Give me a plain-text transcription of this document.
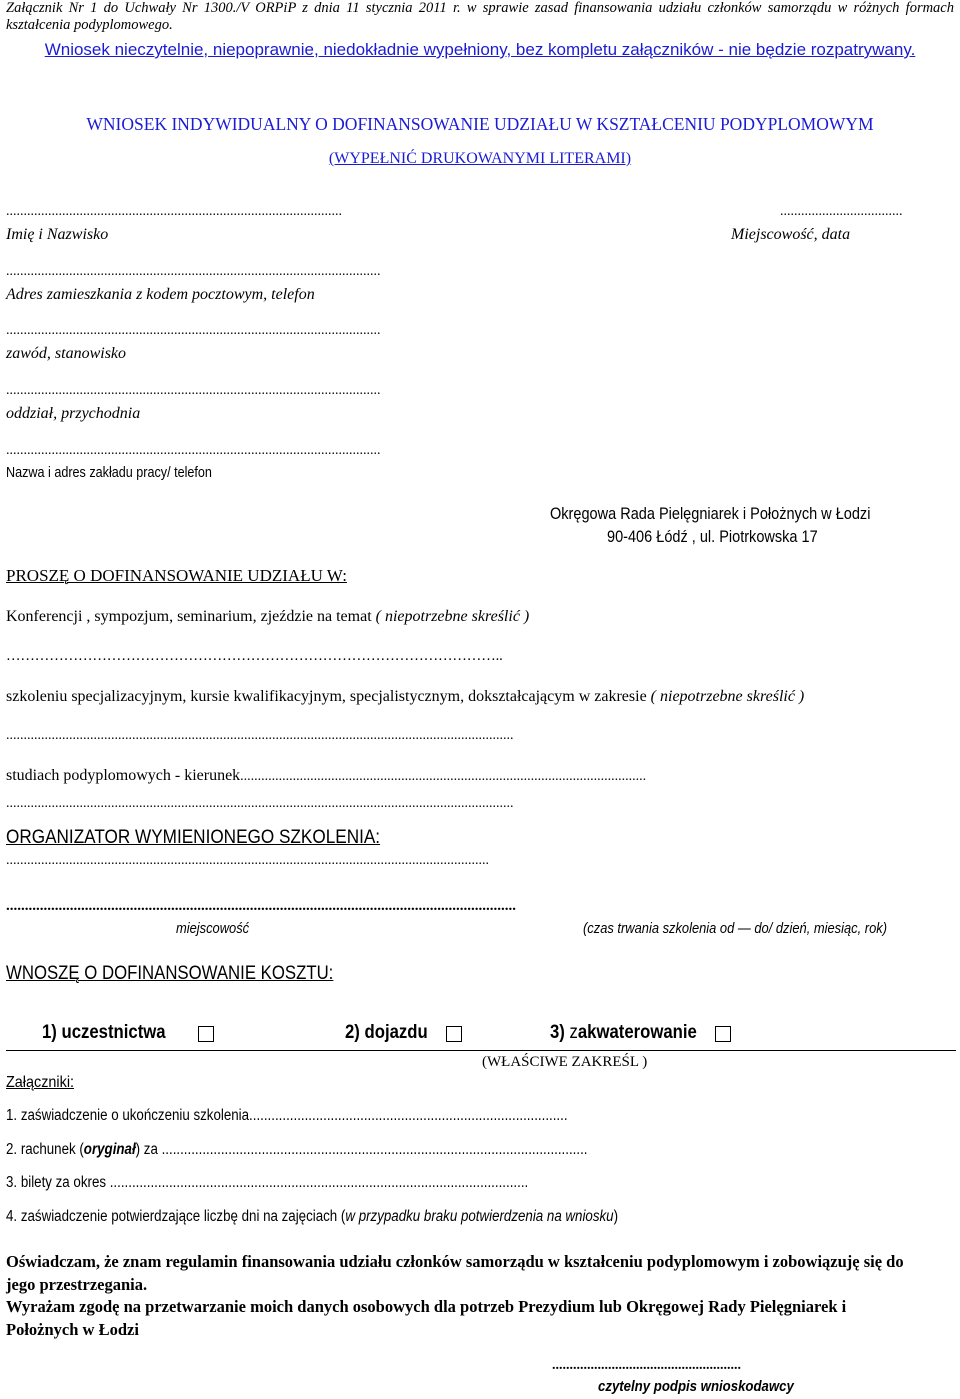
Załącznik Nr 1 do Uchwały Nr 1300./V ORPiP z dnia 11 stycznia 2011 r. w sprawie zasad finansowania udziału członków samorządu w różnych formach kształcenia podyplomowego.
Wniosek nieczytelnie, niepoprawnie, niedokładnie wypełniony, bez kompletu załączników - nie będzie rozpatrywany.
WNIOSEK INDYWIDUALNY O DOFINANSOWANIE UDZIAŁU W KSZTAŁCENIU PODYPLOMOWYM
(WYPEŁNIĆ DRUKOWANYMI LITERAMI)
................................................................................................	...................................
Imię i Nazwisko	Miejscowość, data
...........................................................................................................
Adres zamieszkania z kodem pocztowym, telefon
...........................................................................................................
zawód, stanowisko
...........................................................................................................
oddział, przychodnia
...........................................................................................................
Nazwa i adres zakładu pracy/ telefon
Okręgowa Rada Pielęgniarek i Położnych w Łodzi
90-406 Łódź , ul. Piotrkowska 17
PROSZĘ O DOFINANSOWANIE UDZIAŁU W:
Konferencji , sympozjum, seminarium, zjeździe na temat ( niepotrzebne skreślić )
…………………………………………………………………………………………..
szkoleniu specjalizacyjnym, kursie kwalifikacyjnym, specjalistycznym, dokształcającym w zakresie ( niepotrzebne skreślić )
.................................................................................................................................................
studiach podyplomowych - kierunek....................................................................................................................
.................................................................................................................................................
ORGANIZATOR WYMIENIONEGO SZKOLENIA:
..........................................................................................................................................
........................................................................................................................................
miejscowość	(czas trwania szkolenia od — do/ dzień, miesiąc, rok)
WNOSZĘ O DOFINANSOWANIE KOSZTU:
1) uczestnictwa	2) dojazdu	3) zakwaterowanie
(WŁAŚCIWE ZAKREŚL )
Załączniki:
1. zaświadczenie o ukończeniu szkolenia......................................................................................
2. rachunek (oryginał) za ...................................................................................................................
3. bilety za okres .................................................................................................................
4. zaświadczenie potwierdzające liczbę dni na zajęciach (w przypadku braku potwierdzenia na wniosku)
Oświadczam, że znam regulamin finansowania udziału członków samorządu w kształceniu podyplomowym i zobowiązuję się do jego przestrzegania.
Wyrażam zgodę na przetwarzanie moich danych osobowych dla potrzeb Prezydium lub Okręgowej Rady Pielęgniarek i Położnych w Łodzi
......................................................
czytelny podpis wnioskodawcy
